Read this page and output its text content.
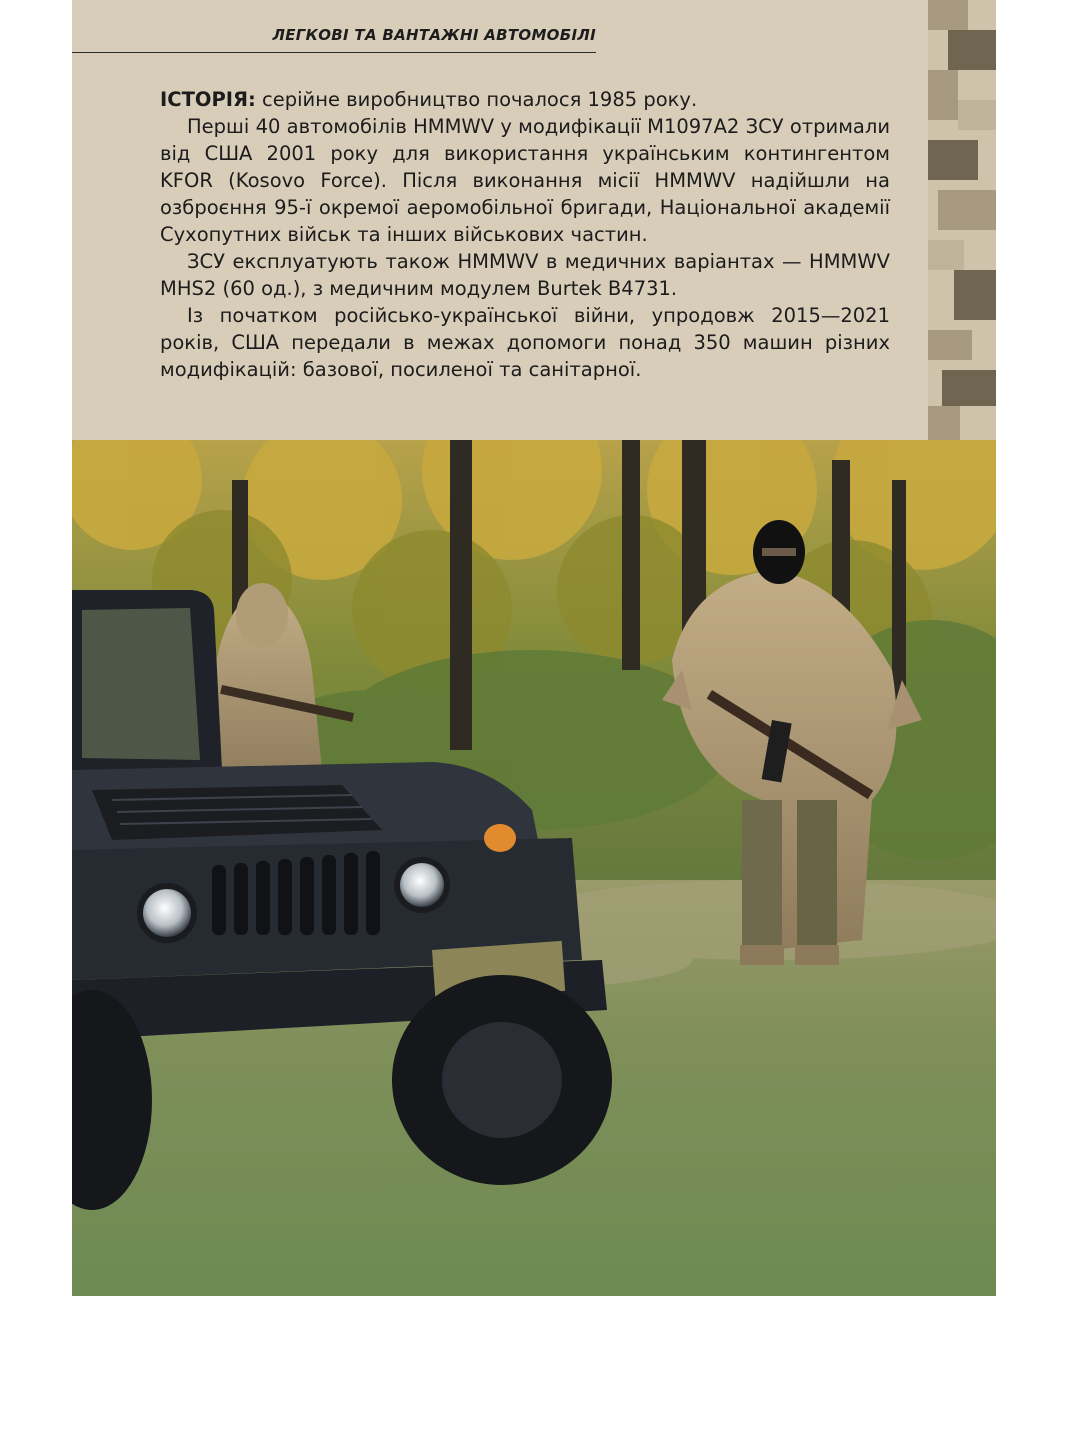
ЛЕГКОВІ ТА ВАНТАЖНІ АВТОМОБІЛІ

ІСТОРІЯ: серійне виробництво почалося 1985 року.

Перші 40 автомобілів HMMWV у модифікації М1097А2 ЗСУ отримали від США 2001 року для використання українським контингентом KFOR (Kosovo Force). Після виконання місії HMMWV надійшли на озброєння 95-ї окремої аеромобільної бригади, Національної академії Сухопутних військ та інших військових частин.

ЗСУ експлуатують також HMMWV в медичних варіантах — HMMWV MHS2 (60 од.), з медичним модулем Burtek B4731.

Із початком російсько-української війни, упродовж 2015—2021 років, США передали в межах допомоги понад 350 машин різних модифікацій: базової, посиленої та санітарної.
